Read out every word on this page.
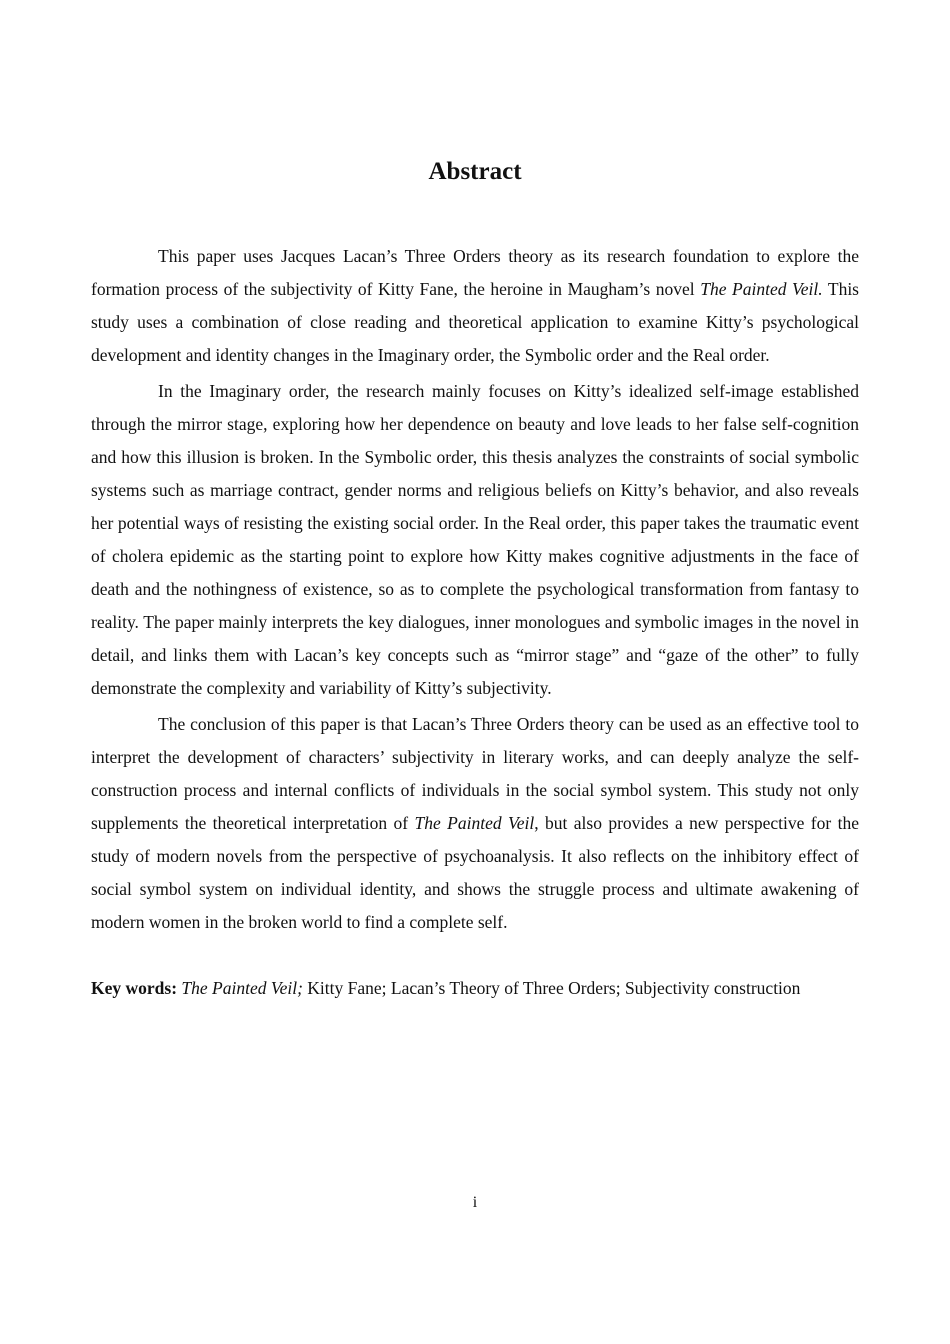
Abstract

This paper uses Jacques Lacan’s Three Orders theory as its research foundation to explore the formation process of the subjectivity of Kitty Fane, the heroine in Maugham’s novel The Painted Veil. This study uses a combination of close reading and theoretical application to examine Kitty’s psychological development and identity changes in the Imaginary order, the Symbolic order and the Real order.

In the Imaginary order, the research mainly focuses on Kitty’s idealized self-image established through the mirror stage, exploring how her dependence on beauty and love leads to her false self-cognition and how this illusion is broken. In the Symbolic order, this thesis analyzes the constraints of social symbolic systems such as marriage contract, gender norms and religious beliefs on Kitty’s behavior, and also reveals her potential ways of resisting the existing social order. In the Real order, this paper takes the traumatic event of cholera epidemic as the starting point to explore how Kitty makes cognitive adjustments in the face of death and the nothingness of existence, so as to complete the psychological transformation from fantasy to reality. The paper mainly interprets the key dialogues, inner monologues and symbolic images in the novel in detail, and links them with Lacan’s key concepts such as “mirror stage” and “gaze of the other” to fully demonstrate the complexity and variability of Kitty’s subjectivity.

The conclusion of this paper is that Lacan’s Three Orders theory can be used as an effective tool to interpret the development of characters’ subjectivity in literary works, and can deeply analyze the self-construction process and internal conflicts of individuals in the social symbol system. This study not only supplements the theoretical interpretation of The Painted Veil, but also provides a new perspective for the study of modern novels from the perspective of psychoanalysis. It also reflects on the inhibitory effect of social symbol system on individual identity, and shows the struggle process and ultimate awakening of modern women in the broken world to find a complete self.

Key words: The Painted Veil; Kitty Fane; Lacan’s Theory of Three Orders; Subjectivity construction

i
